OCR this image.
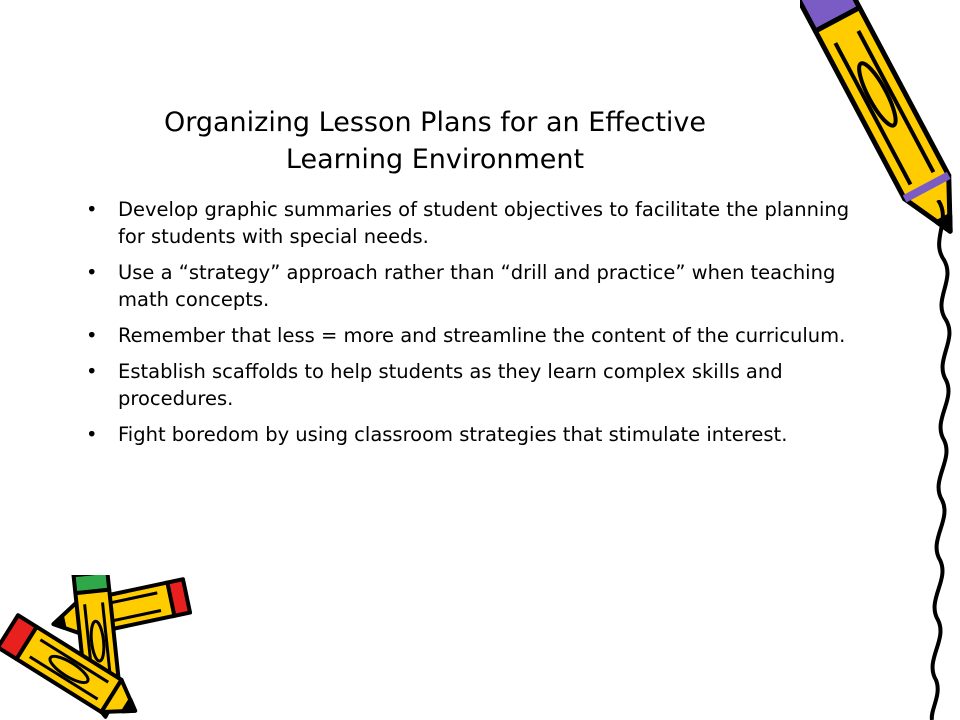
Organizing Lesson Plans for an Effective
Learning Environment
• Develop graphic summaries of student objectives to facilitate the planning for students with special needs.
• Use a “strategy” approach rather than “drill and practice” when teaching math concepts.
• Remember that less = more and streamline the content of the curriculum.
• Establish scaffolds to help students as they learn complex skills and procedures.
• Fight boredom by using classroom strategies that stimulate interest.
